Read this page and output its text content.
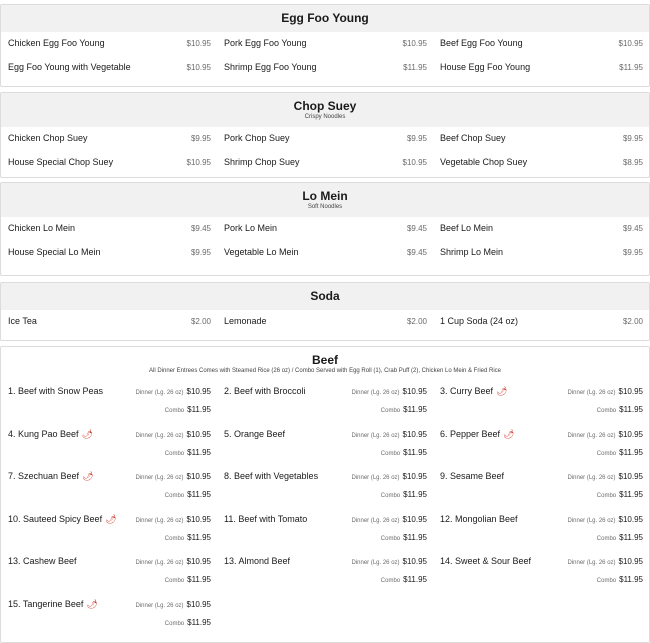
Egg Foo Young
Chicken Egg Foo Young	$10.95 Pork Egg Foo Young	$10.95 Beef Egg Foo Young	$10.95
Egg Foo Young with Vegetable	$10.95 Shrimp Egg Foo Young	$11.95 House Egg Foo Young	$11.95
Chop Suey
Crispy Noodles
Chicken Chop Suey	$9.95 Pork Chop Suey	$9.95 Beef Chop Suey	$9.95
House Special Chop Suey	$10.95 Shrimp Chop Suey	$10.95 Vegetable Chop Suey	$8.95
Lo Mein
Soft Noodles
Chicken Lo Mein	$9.45 Pork Lo Mein	$9.45 Beef Lo Mein	$9.45
House Special Lo Mein	$9.95 Vegetable Lo Mein	$9.45 Shrimp Lo Mein	$9.95
Soda
Ice Tea	$2.00 Lemonade	$2.00 1 Cup Soda (24 oz)	$2.00
Beef
All Dinner Entrees Comes with Steamed Rice (26 oz) / Combo Served with Egg Roll (1), Crab Puff (2), Chicken Lo Mein & Fried Rice
1. Beef with Snow Peas	Dinner (Lg. 26 oz) $10.95
Combo $11.95
2. Beef with Broccoli	Dinner (Lg. 26 oz) $10.95
Combo $11.95
3. Curry Beef 🌶	Dinner (Lg. 26 oz) $10.95
Combo $11.95
4. Kung Pao Beef 🌶	Dinner (Lg. 26 oz) $10.95
Combo $11.95
5. Orange Beef	Dinner (Lg. 26 oz) $10.95
Combo $11.95
6. Pepper Beef 🌶	Dinner (Lg. 26 oz) $10.95
Combo $11.95
7. Szechuan Beef 🌶	Dinner (Lg. 26 oz) $10.95
Combo $11.95
8. Beef with Vegetables	Dinner (Lg. 26 oz) $10.95
Combo $11.95
9. Sesame Beef	Dinner (Lg. 26 oz) $10.95
Combo $11.95
10. Sauteed Spicy Beef 🌶	Dinner (Lg. 26 oz) $10.95
Combo $11.95
11. Beef with Tomato	Dinner (Lg. 26 oz) $10.95
Combo $11.95
12. Mongolian Beef	Dinner (Lg. 26 oz) $10.95
Combo $11.95
13. Cashew Beef	Dinner (Lg. 26 oz) $10.95
Combo $11.95
13. Almond Beef	Dinner (Lg. 26 oz) $10.95
Combo $11.95
14. Sweet & Sour Beef	Dinner (Lg. 26 oz) $10.95
Combo $11.95
15. Tangerine Beef 🌶	Dinner (Lg. 26 oz) $10.95
Combo $11.95
